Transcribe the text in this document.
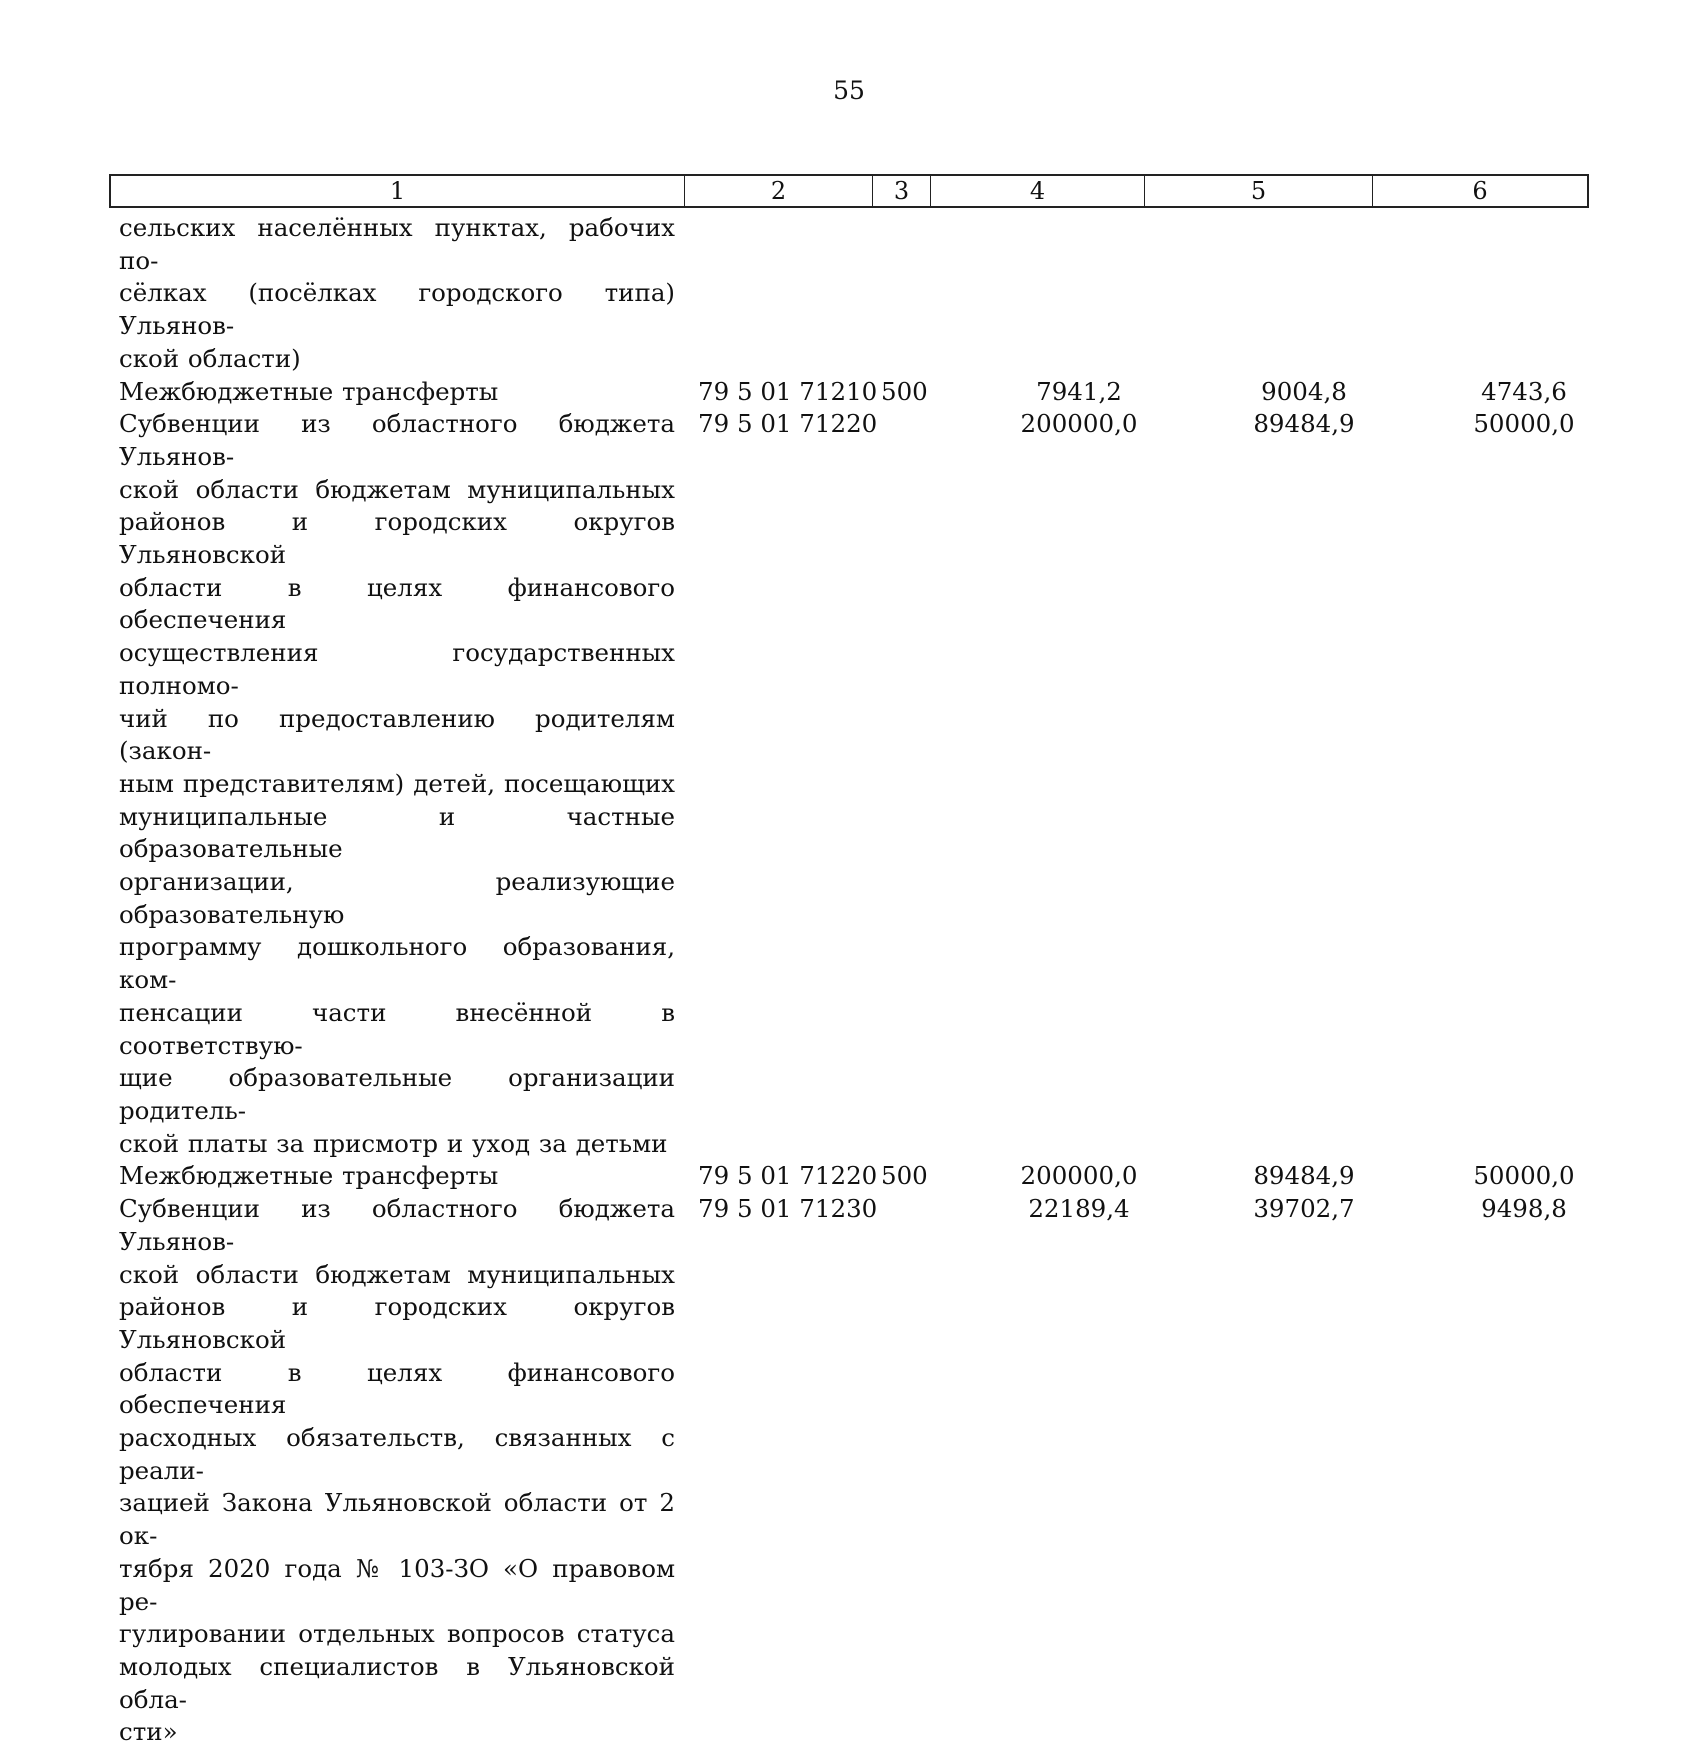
55
1	2	3	4	5	6
сельских населённых пунктах, рабочих по-
сёлках (посёлках городского типа) Ульянов-
ской области)
Межбюджетные трансферты	79 5 01 71210 500	7941,2	9004,8	4743,6
Субвенции из областного бюджета Ульянов-
ской области бюджетам муниципальных
районов и городских округов Ульяновской
области в целях финансового обеспечения
осуществления государственных полномо-
чий по предоставлению родителям (закон-
ным представителям) детей, посещающих
муниципальные и частные образовательные
организации, реализующие образовательную
программу дошкольного образования, ком-
пенсации части внесённой в соответствую-
щие образовательные организации родитель-
ской платы за присмотр и уход за детьми
79 5 01 71220	200000,0	89484,9	50000,0
Межбюджетные трансферты	79 5 01 71220 500	200000,0	89484,9	50000,0
Субвенции из областного бюджета Ульянов-
ской области бюджетам муниципальных
районов и городских округов Ульяновской
области в целях финансового обеспечения
расходных обязательств, связанных с реали-
зацией Закона Ульяновской области от 2 ок-
тября 2020 года № 103-ЗО «О правовом ре-
гулировании отдельных вопросов статуса
молодых специалистов в Ульяновской обла-
сти»
79 5 01 71230	22189,4	39702,7	9498,8
